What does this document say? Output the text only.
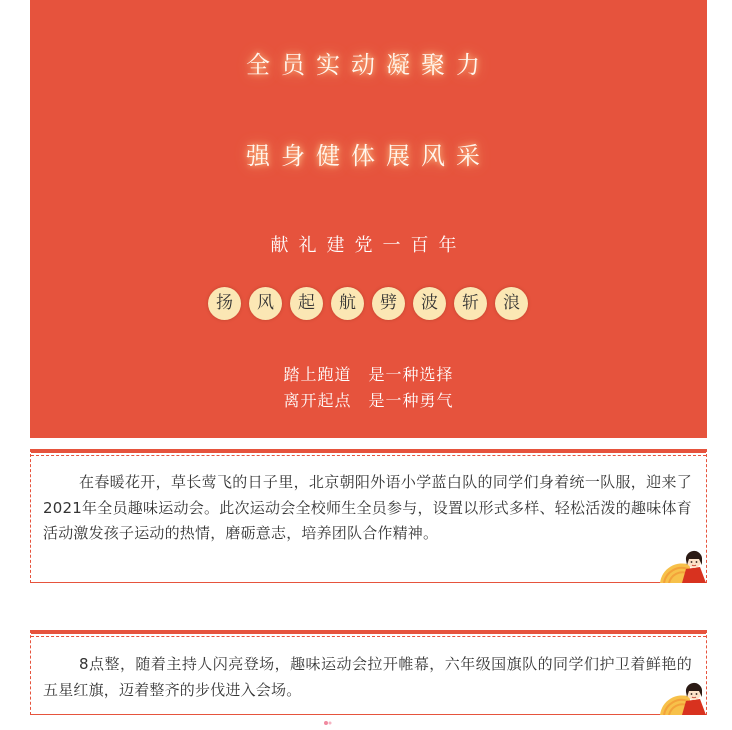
全员实动凝聚力
强身健体展风采
献礼建党一百年
扬	风	起	航	劈	波	斩	浪
踏上跑道　是一种选择
离开起点　是一种勇气

在春暖花开，草长莺飞的日子里，北京朝阳外语小学蓝白队的同学们身着统一队服，迎来了2021年全员趣味运动会。此次运动会全校师生全员参与，设置以形式多样、轻松活泼的趣味体育活动激发孩子运动的热情，磨砺意志，培养团队合作精神。

8点整，随着主持人闪亮登场，趣味运动会拉开帷幕，六年级国旗队的同学们护卫着鲜艳的五星红旗，迈着整齐的步伐进入会场。
